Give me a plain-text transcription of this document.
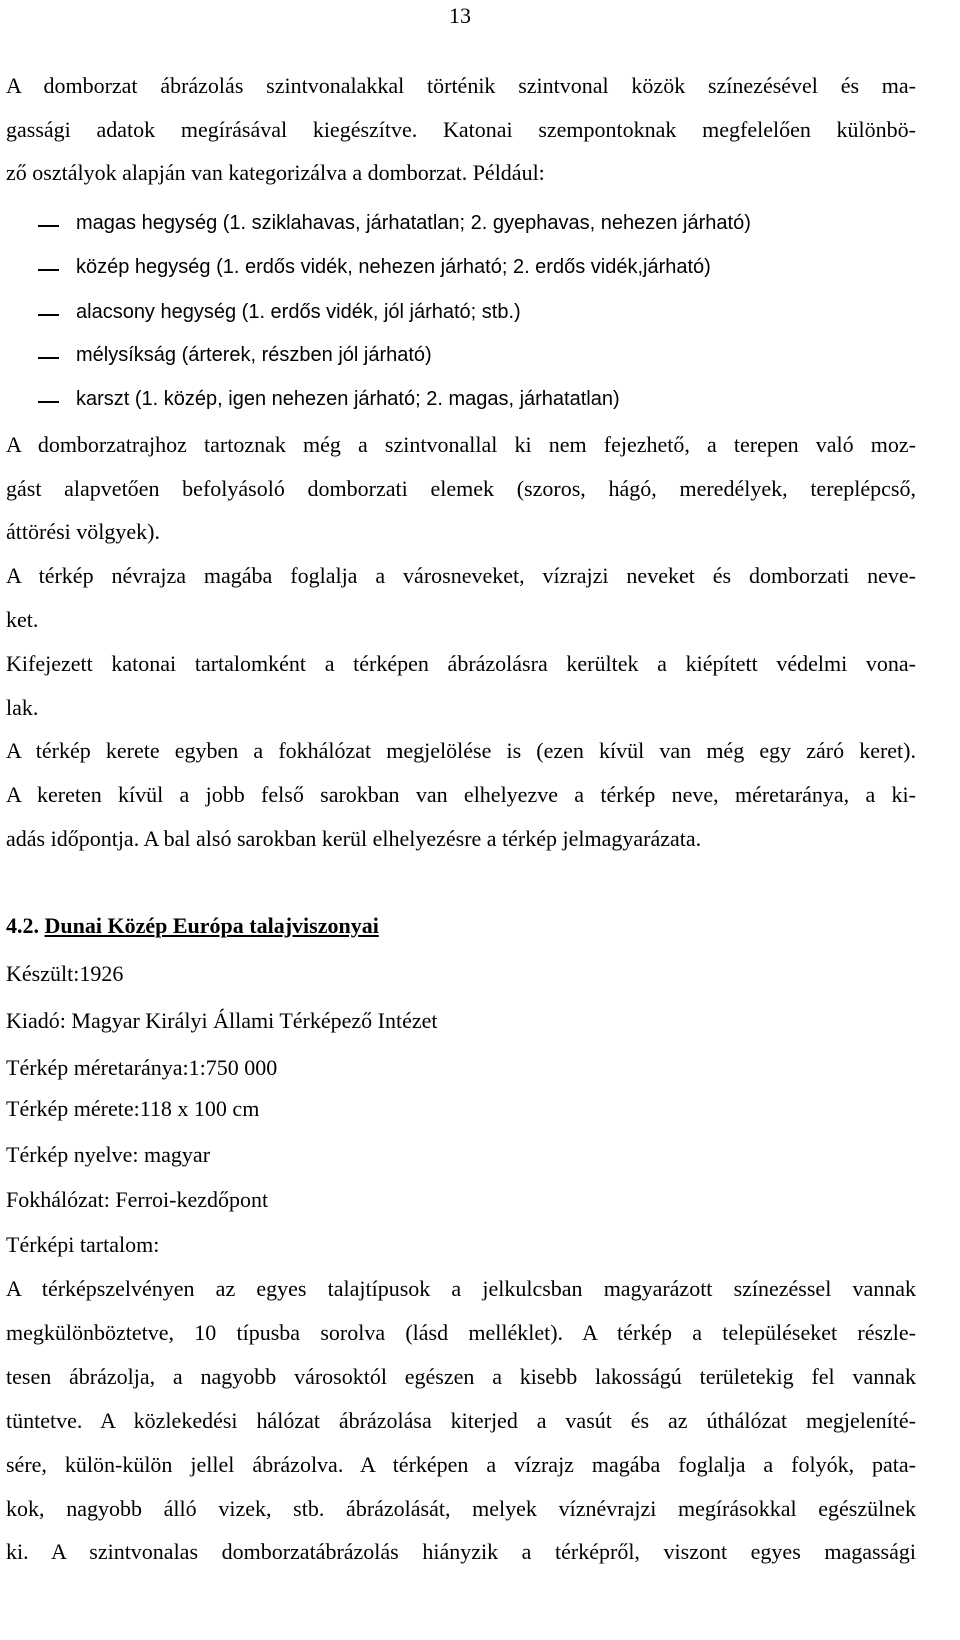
13
A domborzat ábrázolás szintvonalakkal történik szintvonal közök színezésével és ma-
gassági adatok megírásával kiegészítve. Katonai szempontoknak megfelelően különbö-
ző osztályok alapján van kategorizálva a domborzat. Például:
magas hegység (1. sziklahavas, járhatatlan; 2. gyephavas, nehezen járható)
közép hegység (1. erdős vidék, nehezen járható; 2. erdős vidék,járható)
alacsony hegység (1. erdős vidék, jól járható; stb.)
mélysíkság (árterek, részben jól járható)
karszt (1. közép, igen nehezen járható; 2. magas, járhatatlan)
A domborzatrajhoz tartoznak még a szintvonallal ki nem fejezhető, a terepen való moz-
gást alapvetően befolyásoló domborzati elemek (szoros, hágó, meredélyek, tereplépcső,
áttörési völgyek).
A térkép névrajza magába foglalja a városneveket, vízrajzi neveket és domborzati neve-
ket.
Kifejezett katonai tartalomként a térképen ábrázolásra kerültek a kiépített védelmi vona-
lak.
A térkép kerete egyben a fokhálózat megjelölése is (ezen kívül van még egy záró keret).
A kereten kívül a jobb felső sarokban van elhelyezve a térkép neve, méretaránya, a ki-
adás időpontja. A bal alsó sarokban kerül elhelyezésre a térkép jelmagyarázata.
4.2. Dunai Közép Európa talajviszonyai
Készült:1926
Kiadó: Magyar Királyi Állami Térképező Intézet
Térkép méretaránya:1:750 000
Térkép mérete:118 x 100 cm
Térkép nyelve: magyar
Fokhálózat: Ferroi-kezdőpont
Térképi tartalom:
A térképszelvényen az egyes talajtípusok a jelkulcsban magyarázott színezéssel vannak
megkülönböztetve, 10 típusba sorolva (lásd melléklet). A térkép a településeket részle-
tesen ábrázolja, a nagyobb városoktól egészen a kisebb lakosságú területekig fel vannak
tüntetve. A közlekedési hálózat ábrázolása kiterjed a vasút és az úthálózat megjeleníté-
sére, külön-külön jellel ábrázolva. A térképen a vízrajz magába foglalja a folyók, pata-
kok, nagyobb álló vizek, stb. ábrázolását, melyek víznévrajzi megírásokkal egészülnek
ki. A szintvonalas domborzatábrázolás hiányzik a térképről, viszont egyes magassági
